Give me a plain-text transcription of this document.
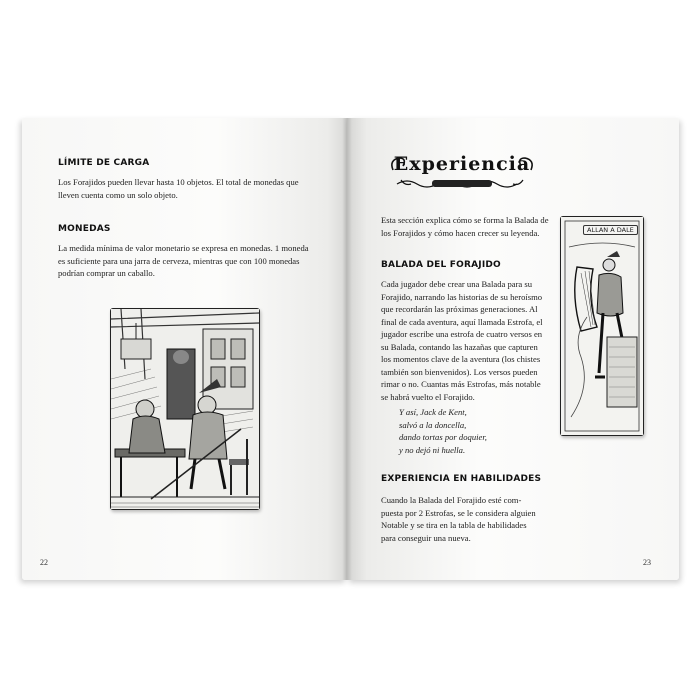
LÍMITE DE CARGA
Los Forajidos pueden llevar hasta 10 objetos. El total de monedas que
lleven cuenta como un solo objeto.
MONEDAS
La medida mínima de valor monetario se expresa en monedas. 1 moneda
es suficiente para una jarra de cerveza, mientras que con 100 monedas
podrían comprar un caballo.
22
Experiencia
Esta sección explica cómo se forma la Balada de
los Forajidos y cómo hacen crecer su leyenda.	ALLAN A DALE
BALADA DEL FORAJIDO
Cada jugador debe crear una Balada para su
Forajido, narrando las historias de su heroísmo
que recordarán las próximas generaciones. Al
final de cada aventura, aquí llamada Estrofa, el
jugador escribe una estrofa de cuatro versos en
su Balada, contando las hazañas que capturen
los momentos clave de la aventura (los chistes
también son bienvenidos). Los versos pueden
rimar o no. Cuantas más Estrofas, más notable
se habrá vuelto el Forajido.
Y así, Jack de Kent,
salvó a la doncella,
dando tortas por doquier,
y no dejó ni huella.
EXPERIENCIA EN HABILIDADES
Cuando la Balada del Forajido esté com-
puesta por 2 Estrofas, se le considera alguien
Notable y se tira en la tabla de habilidades
para conseguir una nueva.
23
